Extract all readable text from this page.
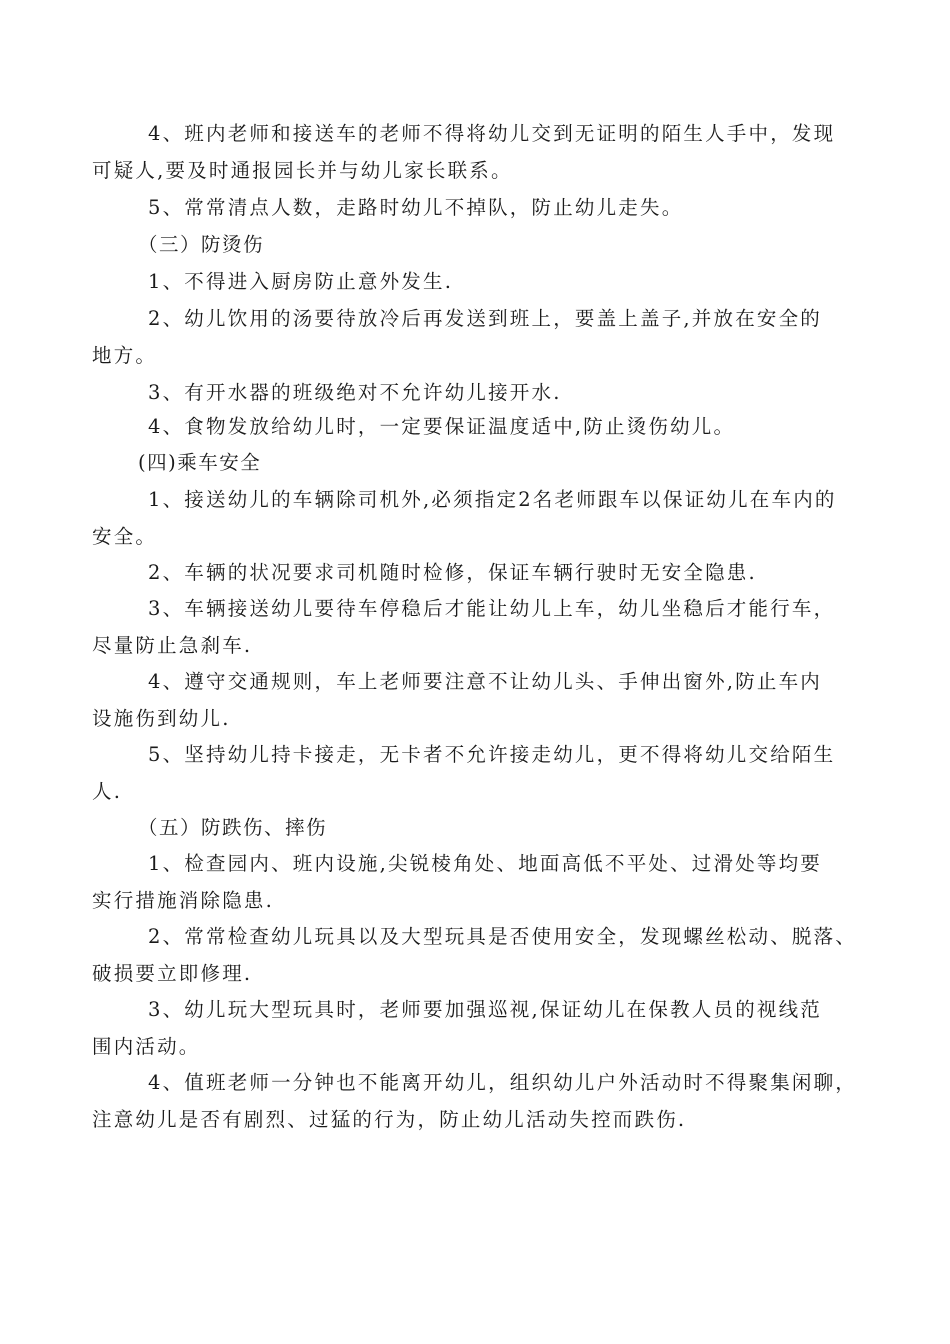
4、班内老师和接送车的老师不得将幼儿交到无证明的陌生人手中，发现
可疑人,要及时通报园长并与幼儿家长联系。
5、常常清点人数，走路时幼儿不掉队，防止幼儿走失。
（三）防烫伤
1、不得进入厨房防止意外发生.
2、幼儿饮用的汤要待放冷后再发送到班上，要盖上盖子,并放在安全的
地方。
3、有开水器的班级绝对不允许幼儿接开水.
4、食物发放给幼儿时，一定要保证温度适中,防止烫伤幼儿。
(四)乘车安全
1、接送幼儿的车辆除司机外,必须指定2名老师跟车以保证幼儿在车内的
安全。
2、车辆的状况要求司机随时检修，保证车辆行驶时无安全隐患.
3、车辆接送幼儿要待车停稳后才能让幼儿上车，幼儿坐稳后才能行车，
尽量防止急刹车.
4、遵守交通规则，车上老师要注意不让幼儿头、手伸出窗外,防止车内
设施伤到幼儿.
5、坚持幼儿持卡接走，无卡者不允许接走幼儿，更不得将幼儿交给陌生
人.
（五）防跌伤、摔伤
1、检查园内、班内设施,尖锐棱角处、地面高低不平处、过滑处等均要
实行措施消除隐患.
2、常常检查幼儿玩具以及大型玩具是否使用安全，发现螺丝松动、脱落、
破损要立即修理.
3、幼儿玩大型玩具时，老师要加强巡视,保证幼儿在保教人员的视线范
围内活动。
4、值班老师一分钟也不能离开幼儿，组织幼儿户外活动时不得聚集闲聊，
注意幼儿是否有剧烈、过猛的行为，防止幼儿活动失控而跌伤.
